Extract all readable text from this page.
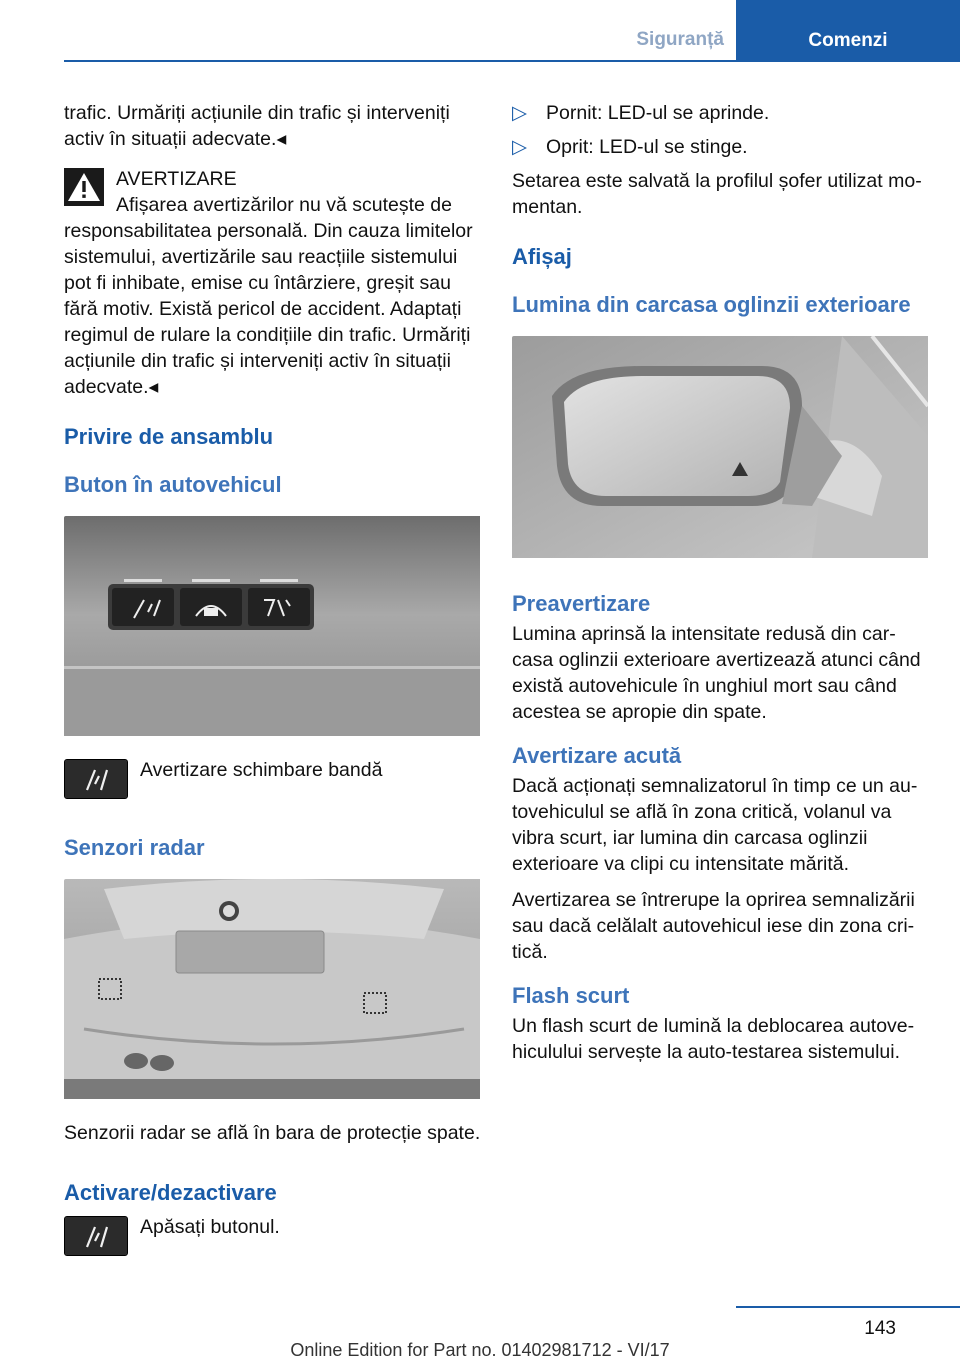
Siguranță	Comenzi

trafic. Urmăriți acțiunile din trafic și interveniți activ în situații adecvate.◂

AVERTIZARE

Afișarea avertizărilor nu vă scutește de responsabilitatea personală. Din cauza limitelor sistemului, avertizările sau reacțiile sistemului pot fi inhibate, emise cu întârziere, greșit sau fără motiv. Există pericol de accident. Adaptați regimul de rulare la condițiile din trafic. Urmăriți acțiunile din trafic și interveniți activ în situații adecvate.◂

Privire de ansamblu
Buton în autovehicul
Avertizare schimbare bandă
Senzori radar

Senzorii radar se află în bara de protecție spate.

Activare/dezactivare
Apăsați butonul.
▷ Pornit: LED-ul se aprinde.
▷ Oprit: LED-ul se stinge.

Setarea este salvată la profilul șofer utilizat mo-mentan.

Afișaj
Lumina din carcasa oglinzii exterioare
Preavertizare

Lumina aprinsă la intensitate redusă din car-casa oglinzii exterioare avertizează atunci când există autovehicule în unghiul mort sau când acestea se apropie din spate.

Avertizare acută

Dacă acționați semnalizatorul în timp ce un au-tovehiculul se află în zona critică, volanul va vibra scurt, iar lumina din carcasa oglinzii exterioare va clipi cu intensitate mărită.

Avertizarea se întrerupe la oprirea semnalizării sau dacă celălalt autovehicul iese din zona cri-tică.

Flash scurt

Un flash scurt de lumină la deblocarea autove-hiculului servește la auto-testarea sistemului.

143
Online Edition for Part no. 01402981712 - VI/17
